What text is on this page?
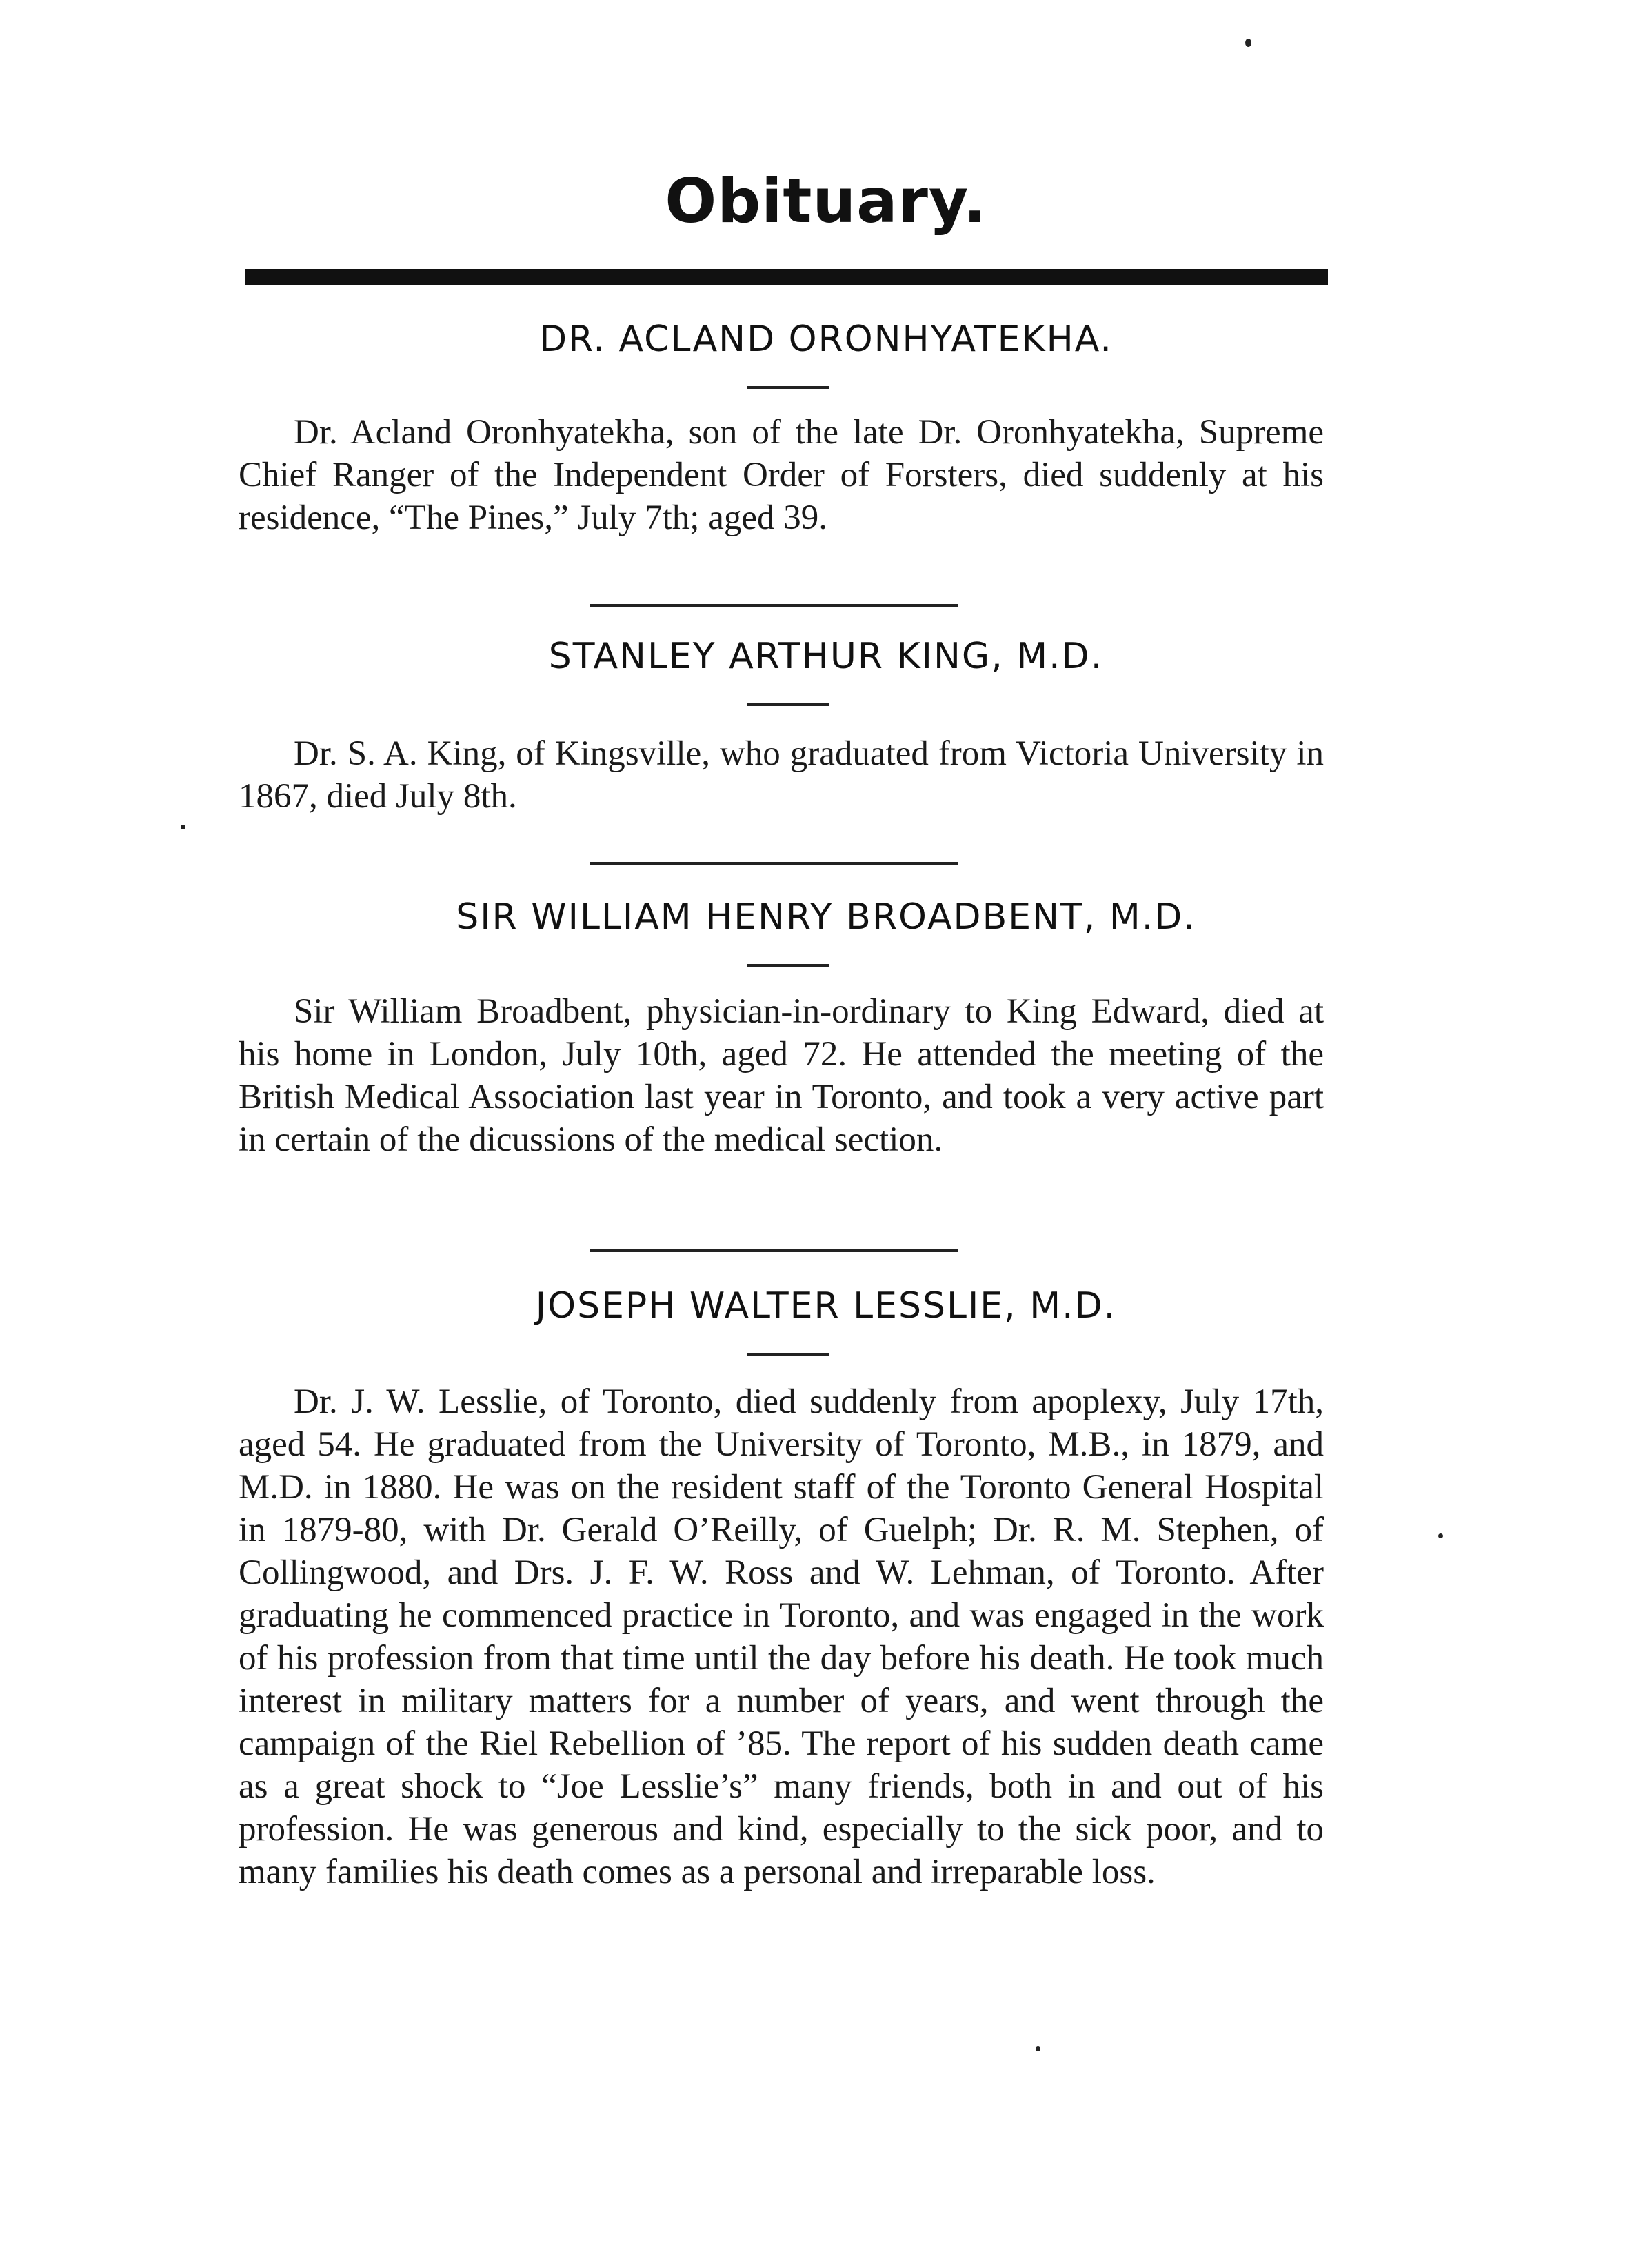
Obituary.
DR. ACLAND ORONHYATEKHA.
Dr. Acland Oronhyatekha, son of the late Dr. Oronhyatekha, Supreme Chief Ranger of the Independent Order of Forsters, died suddenly at his residence, “The Pines,” July 7th; aged 39.
STANLEY ARTHUR KING, M.D.
Dr. S. A. King, of Kingsville, who graduated from Victoria University in 1867, died July 8th.
SIR WILLIAM HENRY BROADBENT, M.D.
Sir William Broadbent, physician-in-ordinary to King Edward, died at his home in London, July 10th, aged 72. He attended the meeting of the British Medical Association last year in Toronto, and took a very active part in certain of the dicussions of the medical section.
JOSEPH WALTER LESSLIE, M.D.
Dr. J. W. Lesslie, of Toronto, died suddenly from apoplexy, July 17th, aged 54. He graduated from the University of Toronto, M.B., in 1879, and M.D. in 1880. He was on the resident staff of the Toronto General Hospital in 1879-80, with Dr. Gerald O’Reilly, of Guelph; Dr. R. M. Stephen, of Collingwood, and Drs. J. F. W. Ross and W. Lehman, of Toronto. After graduating he commenced practice in Toronto, and was engaged in the work of his profession from that time until the day before his death. He took much interest in military matters for a number of years, and went through the campaign of the Riel Rebellion of ’85. The report of his sudden death came as a great shock to “Joe Lesslie’s” many friends, both in and out of his profession. He was generous and kind, especially to the sick poor, and to many families his death comes as a personal and irreparable loss.
